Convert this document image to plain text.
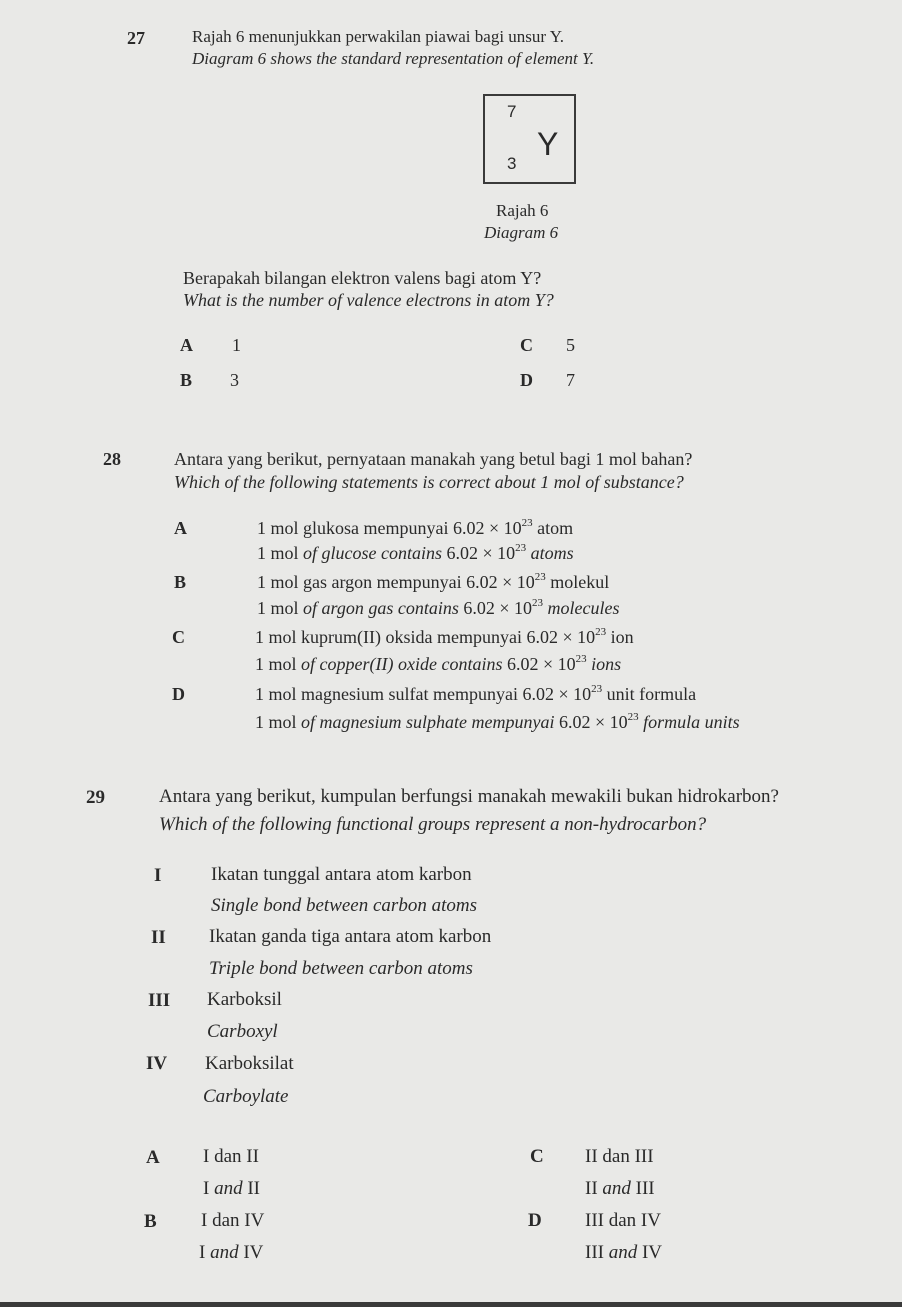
27	Rajah 6 menunjukkan perwakilan piawai bagi unsur Y.
Diagram 6 shows the standard representation of element Y.
7
Y
3
Rajah 6
Diagram 6
Berapakah bilangan elektron valens bagi atom Y?
What is the number of valence electrons in atom Y?
A 1
B 3
C 5
D 7
28	Antara yang berikut, pernyataan manakah yang betul bagi 1 mol bahan?
Which of the following statements is correct about 1 mol of substance?
A	1 mol glukosa mempunyai $6.02 \times 10^{23}$ atom
1 mol of glucose contains $6.02 \times 10^{23}$ atoms
B	1 mol gas argon mempunyai $6.02 \times 10^{23}$ molekul
1 mol of argon gas contains $6.02 \times 10^{23}$ molecules
C	1 mol kuprum(II) oksida mempunyai $6.02 \times 10^{23}$ ion
1 mol of copper(II) oxide contains $6.02 \times 10^{23}$ ions
D	1 mol magnesium sulfat mempunyai $6.02 \times 10^{23}$ unit formula
1 mol of magnesium sulphate mempunyai $6.02 \times 10^{23}$ formula units
29	Antara yang berikut, kumpulan berfungsi manakah mewakili bukan hidrokarbon?
Which of the following functional groups represent a non-hydrocarbon?
I	Ikatan tunggal antara atom karbon
Single bond between carbon atoms
II Ikatan ganda tiga antara atom karbon
Triple bond between carbon atoms
III Karboksil
Carboxyl
IV Karboksilat
Carboylate
A I dan II
I and II
B I dan IV
I and IV
C II dan III
II and III
D III dan IV
III and IV
